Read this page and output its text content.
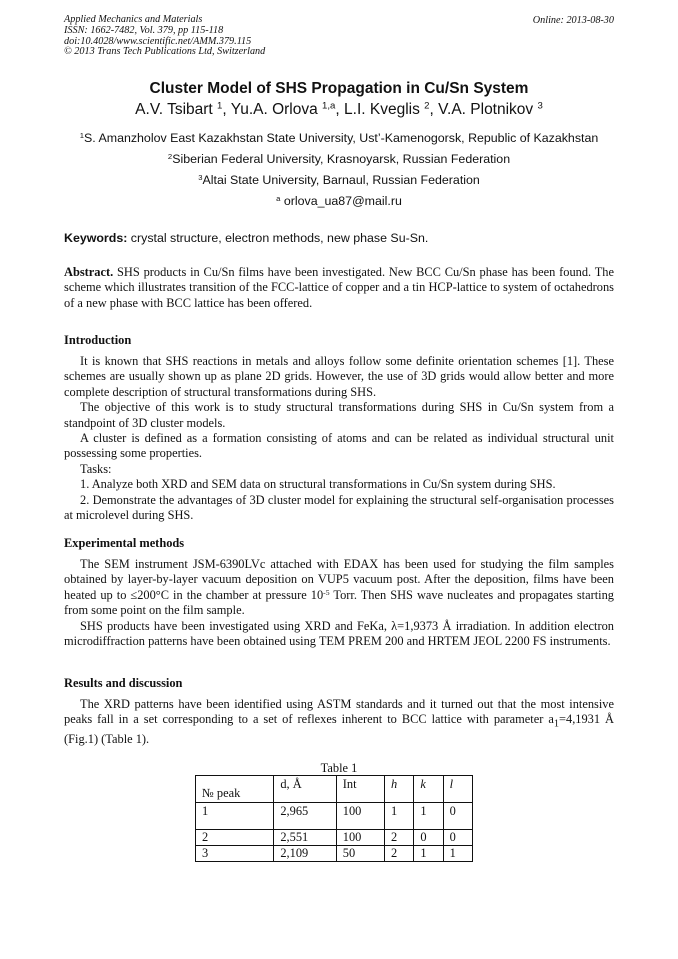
Applied Mechanics and Materials
ISSN: 1662-7482, Vol. 379, pp 115-118
doi:10.4028/www.scientific.net/AMM.379.115
© 2013 Trans Tech Publications Ltd, Switzerland
Online: 2013-08-30
Cluster Model of SHS Propagation in Cu/Sn System
A.V. Tsibart $^1$, Yu.A. Orlova $^{1,a}$, L.I. Kveglis $^2$, V.A. Plotnikov $^3$
$^1$S. Amanzholov East Kazakhstan State University, Ust’-Kamenogorsk, Republic of Kazakhstan
$^2$Siberian Federal University, Krasnoyarsk, Russian Federation
$^3$Altai State University, Barnaul, Russian Federation
$^a$ orlova_ua87@mail.ru
Keywords: crystal structure, electron methods, new phase Su-Sn.

Abstract. SHS products in Cu/Sn films have been investigated. New BCC Cu/Sn phase has been found. The scheme which illustrates transition of the FCC-lattice of copper and a tin HCP-lattice to system of octahedrons of a new phase with BCC lattice has been offered.

Introduction

It is known that SHS reactions in metals and alloys follow some definite orientation schemes [1]. These schemes are usually shown up as plane 2D grids. However, the use of 3D grids would allow better and more complete description of structural transformations during SHS.

The objective of this work is to study structural transformations during SHS in Cu/Sn system from a standpoint of 3D cluster models.

A cluster is defined as a formation consisting of atoms and can be related as individual structural unit possessing some properties.

Tasks:

1. Analyze both XRD and SEM data on structural transformations in Cu/Sn system during SHS.

2. Demonstrate the advantages of 3D cluster model for explaining the structural self-organisation processes at microlevel during SHS.

Experimental methods

The SEM instrument JSM-6390LVc attached with EDAX has been used for studying the film samples obtained by layer-by-layer vacuum deposition on VUP5 vacuum post. After the deposition, films have been heated up to ≤200°C in the chamber at pressure $10^{-5}$ Torr. Then SHS wave nucleates and propagates starting from some point on the film sample.

SHS products have been investigated using XRD and FeKa, λ=1,9373 Å irradiation. In addition electron microdiffraction patterns have been obtained using TEM PREM 200 and HRTEM JEOL 2200 FS instruments.

Results and discussion

The XRD patterns have been identified using ASTM standards and it turned out that the most intensive peaks fall in a set corresponding to a set of reflexes inherent to BCC lattice with parameter $a_1=4,1931$ Å (Fig.1) (Table 1).

Table 1
№ peak	d, Å	Int	h	k	l
1	2,965	100	1	1	0
2	2,551	100	2	0	0
3	2,109	50	2	1	1
